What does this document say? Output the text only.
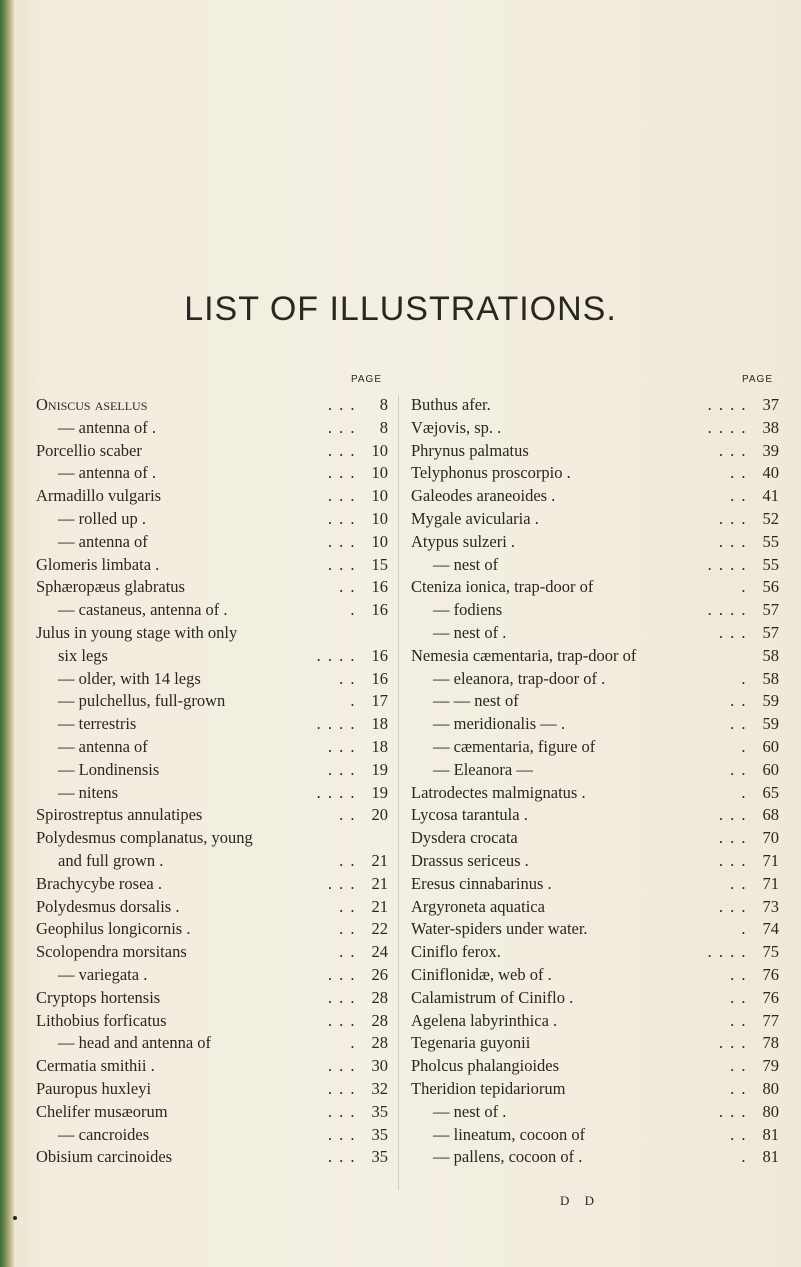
LIST OF ILLUSTRATIONS.
PAGE
Oniscus asellus	. . .	8
— antenna of .	. . .	8
Porcellio scaber	. . . 10
— antenna of .	. . . 10
Armadillo vulgaris	. . . 10
— rolled up .	. . . 10
— antenna of	. . . 10
Glomeris limbata .	. . . 15
Sphæropæus glabratus	. . 16
— castaneus, antenna of .	. 16
Julus in young stage with only
six legs	. . . . 16
— older, with 14 legs	. . 16
— pulchellus, full-grown	. 17
— terrestris	. . . . 18
— antenna of	. . . 18
— Londinensis	. . . 19
— nitens	. . . . 19
Spirostreptus annulatipes	. . 20
Polydesmus complanatus, young
and full grown .	. . 21
Brachycybe rosea .	. . . 21
Polydesmus dorsalis .	. . 21
Geophilus longicornis .	. . 22
Scolopendra morsitans	. . 24
— variegata .	. . . 26
Cryptops hortensis	. . . 28
Lithobius forficatus	. . . 28
— head and antenna of	. 28
Cermatia smithii .	. . . 30
Pauropus huxleyi	. . . 32
Chelifer musæorum	. . . 35
— cancroides	. . . 35
Obisium carcinoides	. . . 35
PAGE
Buthus afer.	. . . . 37
Væjovis, sp. .	. . . . 38
Phrynus palmatus	. . . 39
Telyphonus proscorpio .	. . 40
Galeodes araneoides .	. . 41
Mygale avicularia .	. . . 52
Atypus sulzeri .	. . . 55
— nest of	. . . . 55
Cteniza ionica, trap-door of	. 56
— fodiens	. . . . 57
— nest of .	. . . 57
Nemesia cæmentaria, trap-door of	58
— eleanora, trap-door of .	. 58
— — nest of	. . 59
— meridionalis — .	. . 59
— cæmentaria, figure of	. 60
— Eleanora —	. . 60
Latrodectes malmignatus .	. 65
Lycosa tarantula .	. . . 68
Dysdera crocata	. . . 70
Drassus sericeus .	. . . 71
Eresus cinnabarinus .	. . 71
Argyroneta aquatica	. . . 73
Water-spiders under water.	. 74
Ciniflo ferox.	. . . . 75
Ciniflonidæ, web of .	. . 76
Calamistrum of Ciniflo .	. . 76
Agelena labyrinthica .	. . 77
Tegenaria guyonii	. . . 78
Pholcus phalangioides	. . 79
Theridion tepidariorum	. . 80
— nest of .	. . . 80
— lineatum, cocoon of	. . 81
— pallens, cocoon of .	. 81
D D
